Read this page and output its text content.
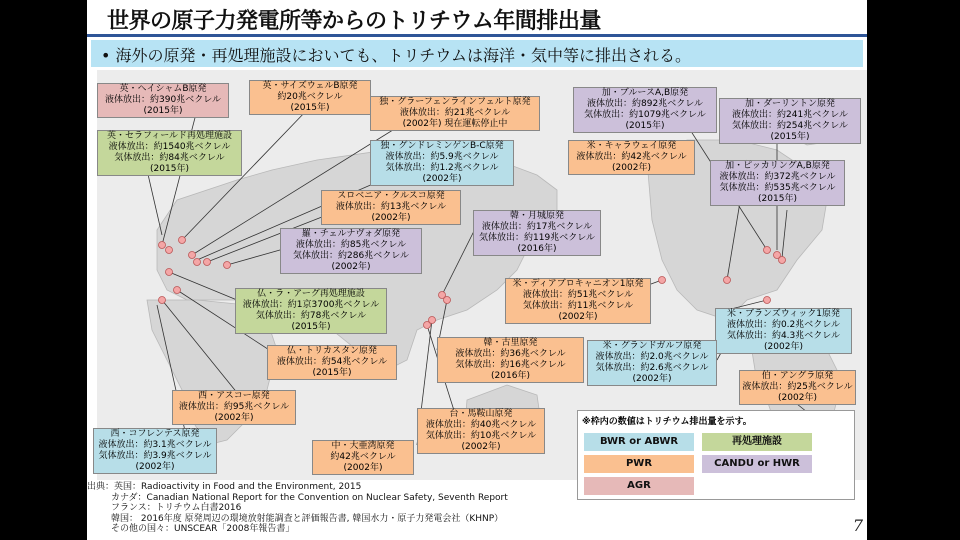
世界の原子力発電所等からのトリチウム年間排出量
• 海外の原発・再処理施設においても、トリチウムは海洋・気中等に排出される。
英・ヘイシャムB原発
液体放出：約390兆ベクレル
(2015年)
英・サイズウェルB原発
約20兆ベクレル
(2015年)
英・セラフィールド再処理施設
液体放出：約1540兆ベクレル
気体放出：約84兆ベクレル
(2015年)
独・グラーフェンラインフェルト原発
液体放出：約21兆ベクレル
(2002年) 現在運転停止中
独・グンドレミンゲンB-C原発
液体放出：約5.9兆ベクレル
気体放出：約1.2兆ベクレル
(2002年)
加・ブルースA,B原発
液体放出：約892兆ベクレル
気体放出：約1079兆ベクレル
(2015年)
加・ダーリントン原発
液体放出：約241兆ベクレル
気体放出：約254兆ベクレル
(2015年)
米・キャラウェイ原発
液体放出：約42兆ベクレル
(2002年)	加・ピッカリングA,B原発
液体放出：約372兆ベクレル
気体放出：約535兆ベクレル
(2015年)
スロベニア・クルスコ原発
液体放出：約13兆ベクレル
(2002年)	韓・月城原発
液体放出：約17兆ベクレル
気体放出：約119兆ベクレル
(2016年)
羅・チェルナヴォダ原発
液体放出：約85兆ベクレル
気体放出：約286兆ベクレル
(2002年)
米・ディアブロキャニオン1原発
液体放出：約51兆ベクレル
気体放出：約11兆ベクレル
(2002年)
仏・ラ・アーグ再処理施設
液体放出：約1京3700兆ベクレル
気体放出：約78兆ベクレル
(2015年)
米・ブランズウィック1原発
液体放出：約0.2兆ベクレル
気体放出：約4.3兆ベクレル
(2002年)
仏・トリカスタン原発
液体放出：約54兆ベクレル
(2015年)
韓・古里原発
液体放出：約36兆ベクレル
気体放出：約16兆ベクレル
(2016年)
米・グランドガルフ原発
液体放出：約2.0兆ベクレル
気体放出：約2.6兆ベクレル
(2002年)	伯・アングラ原発
液体放出：約25兆ベクレル
(2002年)
西・アスコー原発
液体放出：約95兆ベクレル
(2002年)	台・馬鞍山原発
液体放出：約40兆ベクレル
気体放出：約10兆ベクレル
(2002年)
西・コフレンテス原発
液体放出：約3.1兆ベクレル
気体放出：約3.9兆ベクレル
(2002年)
中・大亜湾原発
約42兆ベクレル
(2002年)
※枠内の数値はトリチウム排出量を示す。
BWR or ABWR	再処理施設
PWR	CANDU or HWR
AGR
出典：英国：Radioactivity in Food and the Environment, 2015
カナダ：Canadian National Report for the Convention on Nuclear Safety, Seventh Report
フランス：トリチウム白書2016
韓国： 2016年度 原発周辺の環境放射能調査と評価報告書, 韓国水力・原子力発電会社（KHNP）
その他の国々：UNSCEAR「2008年報告書」	7
